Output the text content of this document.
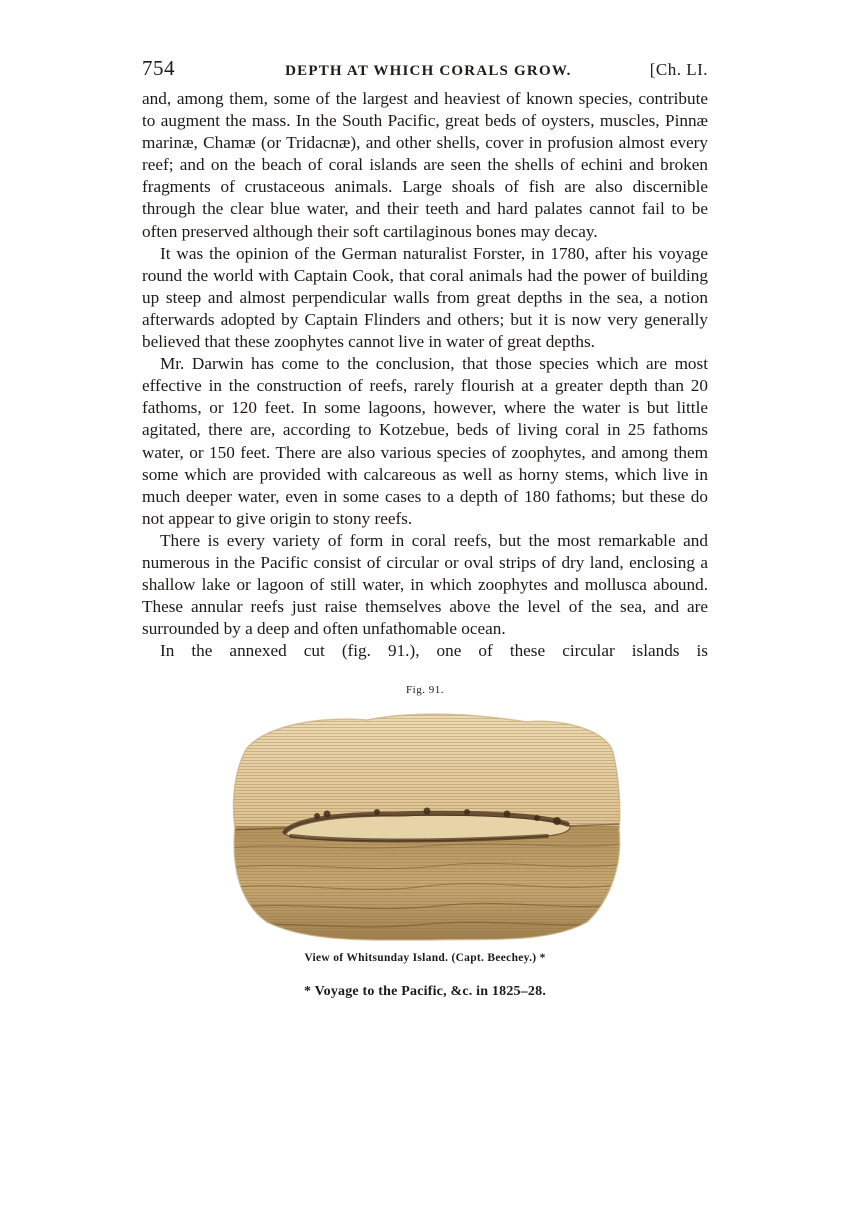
754	DEPTH AT WHICH CORALS GROW.	[Ch. LI.

and, among them, some of the largest and heaviest of known species, contribute to augment the mass. In the South Pacific, great beds of oysters, muscles, Pinnæ marinæ, Chamæ (or Tridacnæ), and other shells, cover in profusion almost every reef; and on the beach of coral islands are seen the shells of echini and broken fragments of crustaceous animals. Large shoals of fish are also discernible through the clear blue water, and their teeth and hard palates cannot fail to be often preserved although their soft cartilaginous bones may decay.

It was the opinion of the German naturalist Forster, in 1780, after his voyage round the world with Captain Cook, that coral animals had the power of building up steep and almost perpendicular walls from great depths in the sea, a notion afterwards adopted by Captain Flinders and others; but it is now very generally believed that these zoophytes cannot live in water of great depths.

Mr. Darwin has come to the conclusion, that those species which are most effective in the construction of reefs, rarely flourish at a greater depth than 20 fathoms, or 120 feet. In some lagoons, however, where the water is but little agitated, there are, according to Kotzebue, beds of living coral in 25 fathoms water, or 150 feet. There are also various species of zoophytes, and among them some which are provided with calcareous as well as horny stems, which live in much deeper water, even in some cases to a depth of 180 fathoms; but these do not appear to give origin to stony reefs.

There is every variety of form in coral reefs, but the most remarkable and numerous in the Pacific consist of circular or oval strips of dry land, enclosing a shallow lake or lagoon of still water, in which zoophytes and mollusca abound. These annular reefs just raise themselves above the level of the sea, and are surrounded by a deep and often unfathomable ocean.

In the annexed cut (fig. 91.), one of these circular islands is

Fig. 91.
View of Whitsunday Island. (Capt. Beechey.) *
* Voyage to the Pacific, &c. in 1825–28.
